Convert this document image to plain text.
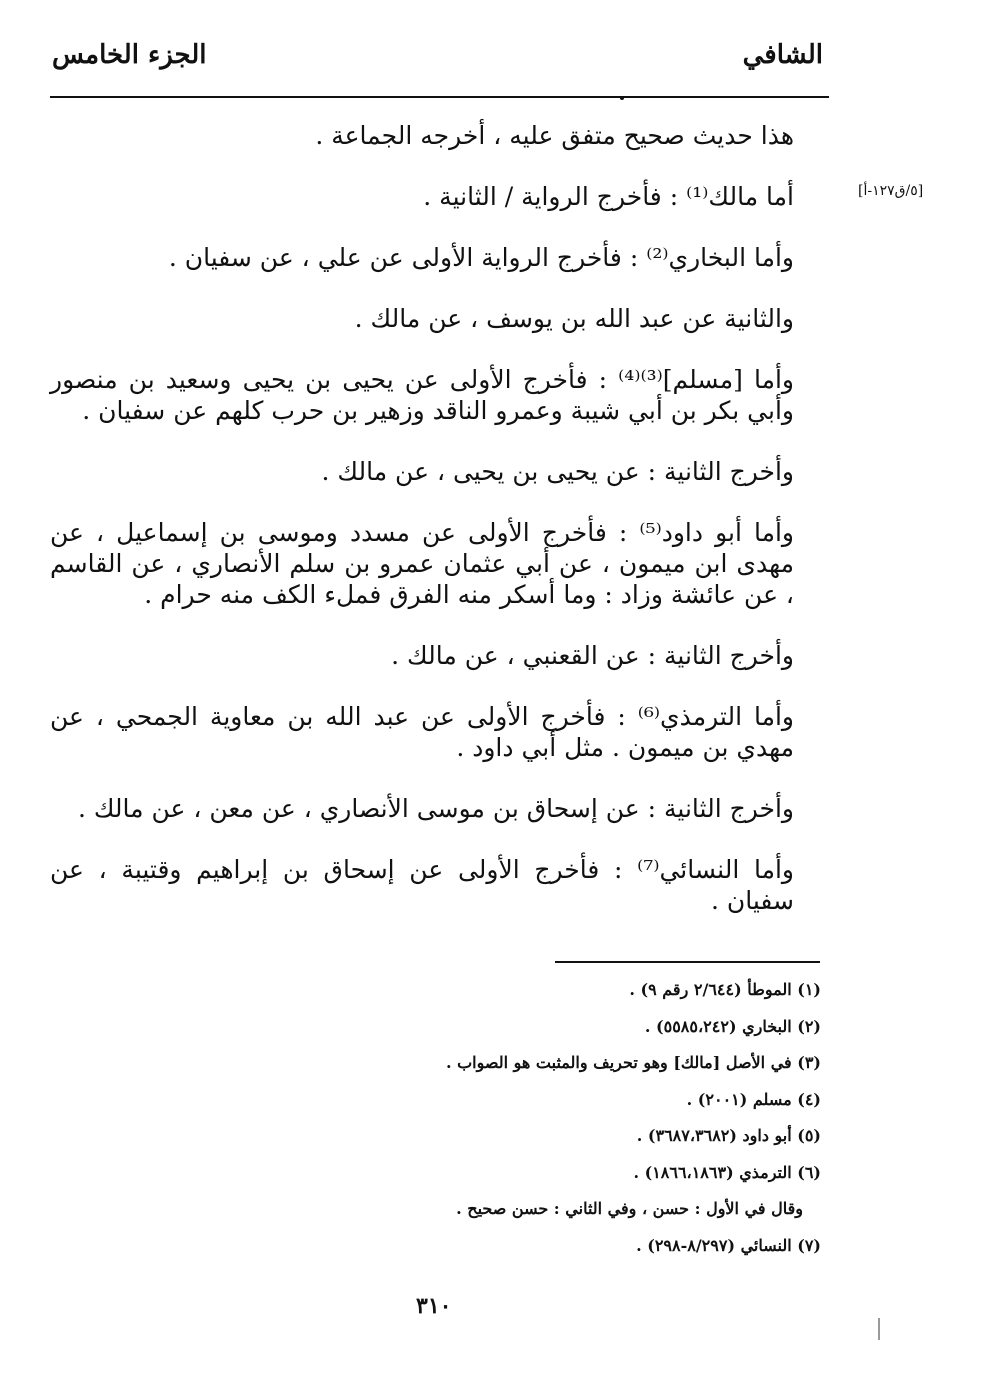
الجزء الخامس	الشافي
[٥/ق١٢٧-أ]

هذا حديث صحيح متفق عليه ، أخرجه الجماعة .

أما مالك⁽¹⁾ : فأخرج الرواية / الثانية .

وأما البخاري⁽²⁾ : فأخرج الرواية الأولى عن علي ، عن سفيان .

والثانية عن عبد الله بن يوسف ، عن مالك .

وأما [مسلم]⁽³⁾⁽⁴⁾ : فأخرج الأولى عن يحيى بن يحيى وسعيد بن منصور وأبي بكر بن أبي شيبة وعمرو الناقد وزهير بن حرب كلهم عن سفيان .

وأخرج الثانية : عن يحيى بن يحيى ، عن مالك .

وأما أبو داود⁽⁵⁾ : فأخرج الأولى عن مسدد وموسى بن إسماعيل ، عن مهدى ابن ميمون ، عن أبي عثمان عمرو بن سلم الأنصاري ، عن القاسم ، عن عائشة وزاد : وما أسكر منه الفرق فملء الكف منه حرام .

وأخرج الثانية : عن القعنبي ، عن مالك .

وأما الترمذي⁽⁶⁾ : فأخرج الأولى عن عبد الله بن معاوية الجمحي ، عن مهدي بن ميمون . مثل أبي داود .

وأخرج الثانية : عن إسحاق بن موسى الأنصاري ، عن معن ، عن مالك .

وأما النسائي⁽⁷⁾ : فأخرج الأولى عن إسحاق بن إبراهيم وقتيبة ، عن سفيان .

(١) الموطأ (٢/٦٤٤ رقم ٩) .
(٢) البخاري (٥٥٨٥،٢٤٢) .
(٣) في الأصل [مالك] وهو تحريف والمثبت هو الصواب .
(٤) مسلم (٢٠٠١) .
(٥) أبو داود (٣٦٨٧،٣٦٨٢) .
(٦) الترمذي (١٨٦٦،١٨٦٣) .
وقال في الأول : حسن ، وفي الثاني : حسن صحيح .
(٧) النسائي (٨/٢٩٧-٢٩٨) .
٣١٠
